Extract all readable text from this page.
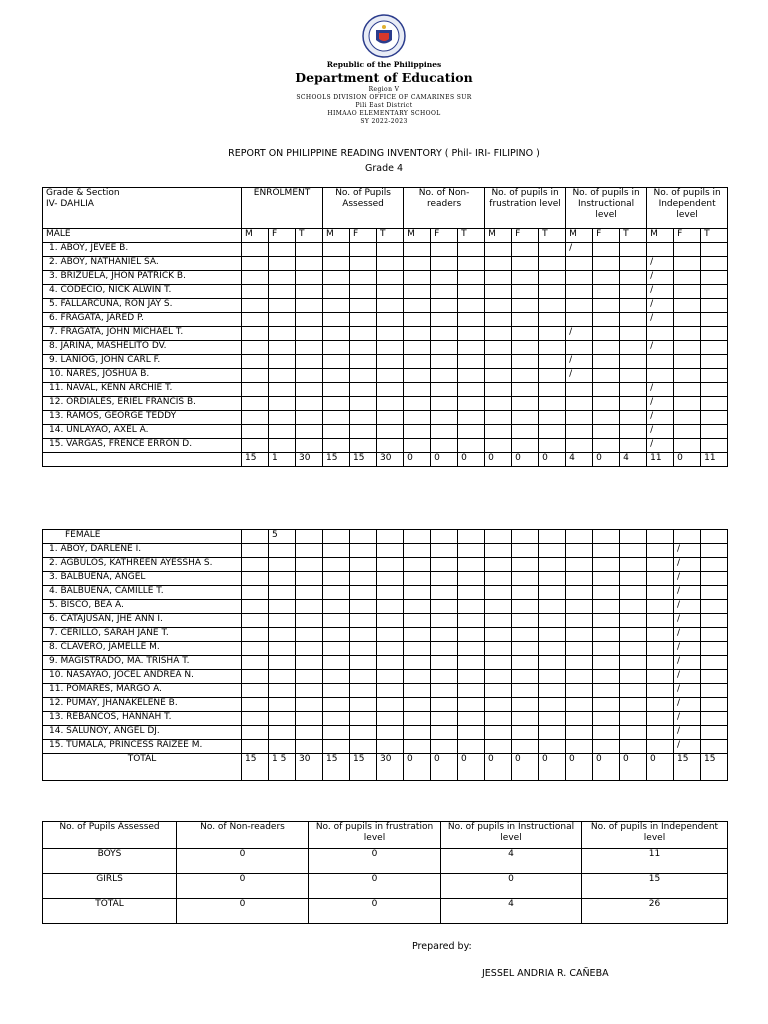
Republic of the Philippines
Department of Education
Region V
SCHOOLS DIVISION OFFICE OF CAMARINES SUR
Pili East District
HIMAAO ELEMENTARY SCHOOL
SY 2022-2023
REPORT ON PHILIPPINE READING INVENTORY ( Phil- IRI- FILIPINO )
Grade 4
Grade & Section
IV- DAHLIA	ENROLMENT			No. of Pupils Assessed			No. of Non-readers			No. of pupils in frustration level			No. of pupils in Instructional level			No. of pupils in Independent level		
MALE	M	F	T	M	F	T	M	F	T	M	F	T	M	F	T	M	F	T
1. ABOY, JEVEE B.													/					
2. ABOY, NATHANIEL SA.																/		
3. BRIZUELA, JHON PATRICK B.																/		
4. CODECIO, NICK ALWIN T.																/		
5. FALLARCUNA, RON JAY S.																/		
6. FRAGATA, JARED P.																/		
7. FRAGATA, JOHN MICHAEL T.													/					
8. JARINA, MASHELITO DV.																/		
9. LANIOG, JOHN CARL F.													/					
10. NARES, JOSHUA B.													/					
11. NAVAL, KENN ARCHIE T.																/		
12. ORDIALES, ERIEL FRANCIS B.																/		
13. RAMOS, GEORGE TEDDY																/		
14. UNLAYAO, AXEL A.																/		
15. VARGAS, FRENCE ERRON D.																/		
	15	1	30	15	15	30	0	0	0	0	0	0	4	0	4	11	0	11
FEMALE		5																
1. ABOY, DARLENE I.																	/	
2. AGBULOS, KATHREEN AYESSHA S.																	/	
3. BALBUENA, ANGEL																	/	
4. BALBUENA, CAMILLE T.																	/	
5. BISCO, BEA A.																	/	
6. CATAJUSAN, JHE ANN I.																	/	
7. CERILLO, SARAH JANE T.																	/	
8. CLAVERO, JAMELLE M.																	/	
9. MAGISTRADO, MA. TRISHA T.																	/	
10. NASAYAO, JOCEL ANDREA N.																	/	
11. POMARES, MARGO A.																	/	
12. PUMAY, JHANAKELENE B.																	/	
13. REBANCOS, HANNAH T.																	/	
14. SALUNOY, ANGEL DJ.																	/	
15. TUMALA, PRINCESS RAIZEE M.																	/	
TOTAL	15	1 5	30	15	15	30	0	0	0	0	0	0	0	0	0	0	15	15
No. of Pupils Assessed	No. of Non-readers	No. of pupils in frustration level	No. of pupils in Instructional level	No. of pupils in Independent level
BOYS	0	0	4	11
GIRLS	0	0	0	15
TOTAL	0	0	4	26
Prepared by:
JESSEL ANDRIA R. CAÑEBA
